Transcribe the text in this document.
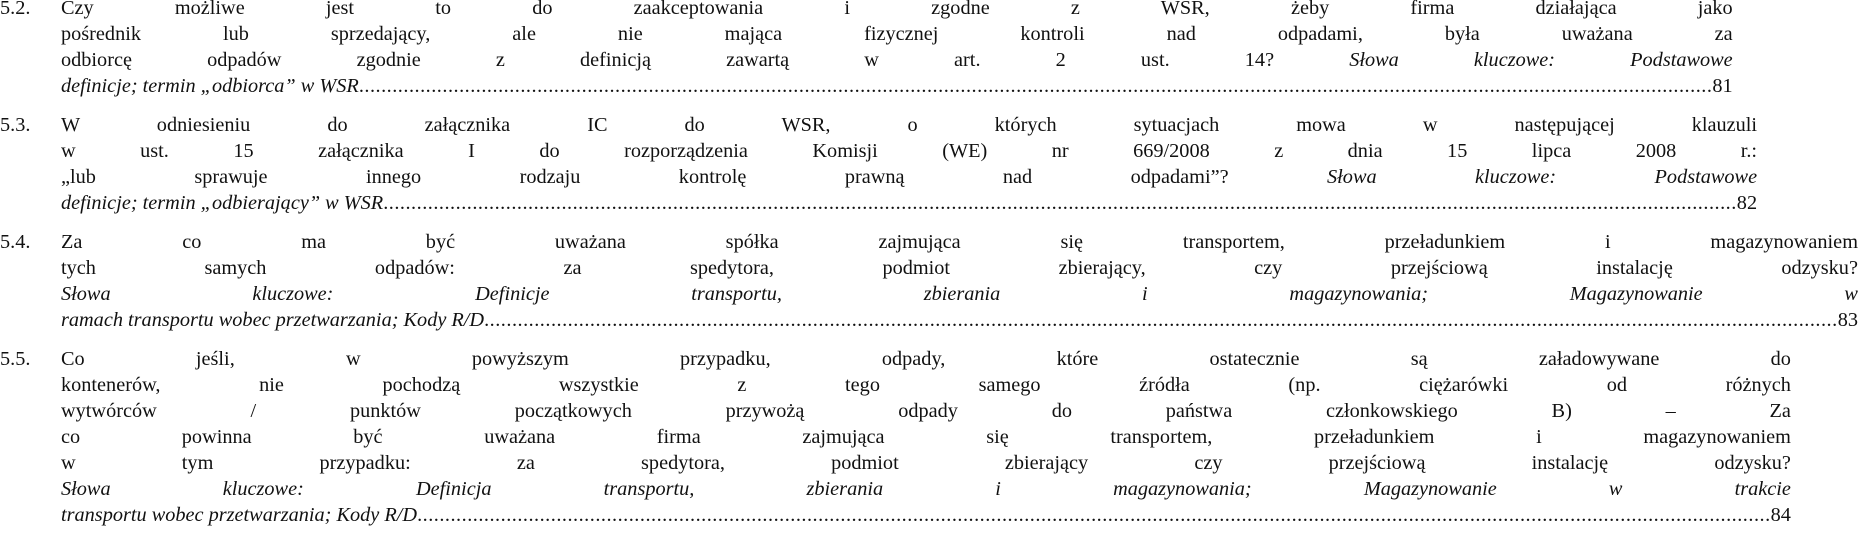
5.2.	Czy możliwe jest to do zaakceptowania i zgodne z WSR, żeby firma działająca jako
pośrednik lub sprzedający, ale nie mająca fizycznej kontroli nad odpadami, była uważana za
odbiorcę odpadów zgodnie z definicją zawartą w art. 2 ust. 14? Słowa kluczowe: Podstawowe
definicje; termin „odbiorca” w WSR ................................................................................................................................................................................................................................................... 81
5.3.	W odniesieniu do załącznika IC do WSR, o których sytuacjach mowa w następującej klauzuli
w ust. 15 załącznika I do rozporządzenia Komisji (WE) nr 669/2008 z dnia 15 lipca 2008 r.:
„lub sprawuje innego rodzaju kontrolę prawną nad odpadami”? Słowa kluczowe: Podstawowe
definicje; termin „odbierający” w WSR ................................................................................................................................................................................................................................................... 82
5.4.	Za co ma być uważana spółka zajmująca się transportem, przeładunkiem i magazynowaniem
tych samych odpadów: za spedytora, podmiot zbierający, czy przejściową instalację odzysku?
Słowa kluczowe: Definicje transportu, zbierania i magazynowania; Magazynowanie w
ramach transportu wobec przetwarzania; Kody R/D ................................................................................................................................................................................................................................................... 83
5.5.	Co jeśli, w powyższym przypadku, odpady, które ostatecznie są załadowywane do
kontenerów, nie pochodzą wszystkie z tego samego źródła (np. ciężarówki od różnych
wytwórców / punktów początkowych przywożą odpady do państwa członkowskiego B) – Za
co powinna być uważana firma zajmująca się transportem, przeładunkiem i magazynowaniem
w tym przypadku: za spedytora, podmiot zbierający czy przejściową instalację odzysku?
Słowa kluczowe: Definicja transportu, zbierania i magazynowania; Magazynowanie w trakcie
transportu wobec przetwarzania; Kody R/D ................................................................................................................................................................................................................................................... 84
